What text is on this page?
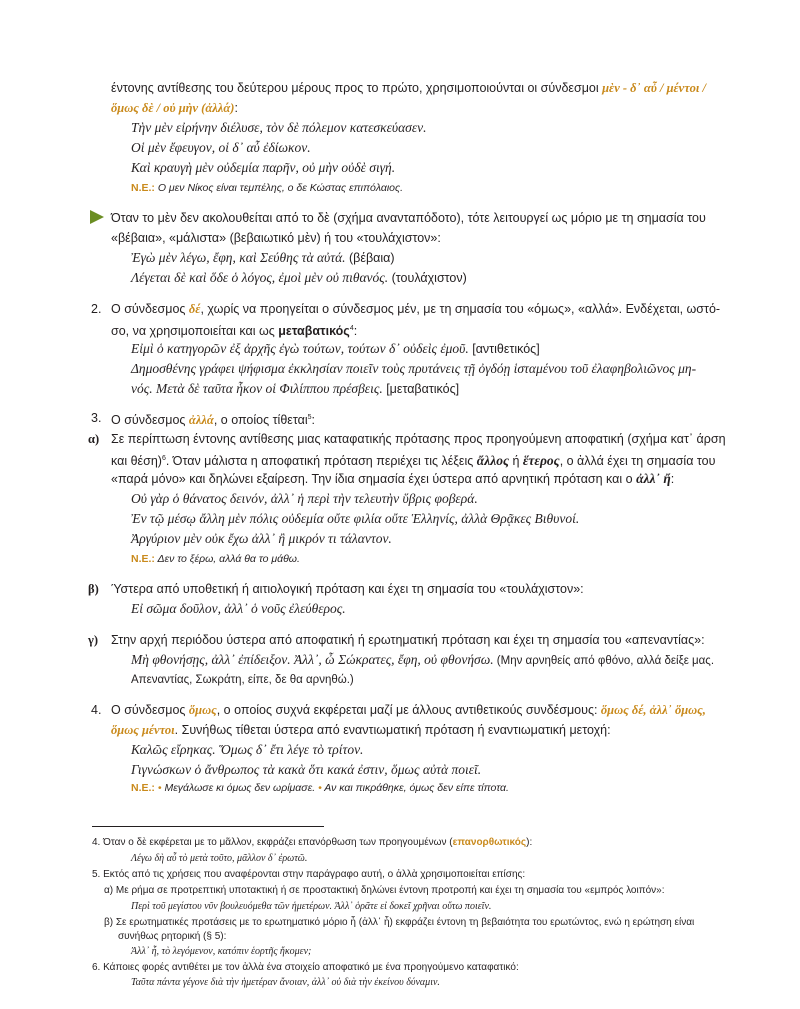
έντονης αντίθεσης του δεύτερου μέρους προς το πρώτο, χρησιμοποιούνται οι σύνδεσμοι μὲν - δ᾽ αὖ / μέντοι /
ὅμως δὲ / οὐ μὴν (ἀλλά):
Τὴν μὲν εἰρήνην διέλυσε, τὸν δὲ πόλεμον κατεσκεύασεν.
Οἱ μὲν ἔφευγον, οἱ δ᾽ αὖ ἐδίωκον.
Καὶ κραυγὴ μὲν οὐδεμία παρῆν, οὐ μὴν οὐδὲ σιγή.
Ν.Ε.: Ο μεν Νίκος είναι τεμπέλης, ο δε Κώστας επιπόλαιος.
Όταν το μὲν δεν ακολουθείται από το δὲ (σχήμα ανανταπόδοτο), τότε λειτουργεί ως μόριο με τη σημασία του
«βέβαια», «μάλιστα» (βεβαιωτικό μὲν) ή του «τουλάχιστον»:
Ἐγὼ μὲν λέγω, ἔφη, καὶ Σεύθης τὰ αὐτά. (βέβαια)
Λέγεται δὲ καὶ ὅδε ὁ λόγος, ἐμοὶ μὲν οὐ πιθανός. (τουλάχιστον)
2. Ο σύνδεσμος δέ, χωρίς να προηγείται ο σύνδεσμος μέν, με τη σημασία του «όμως», «αλλά». Ενδέχεται, ωστό-
σο, να χρησιμοποιείται και ως μεταβατικός$^4$:
Εἰμὶ ὁ κατηγορῶν ἐξ ἀρχῆς ἐγὼ τούτων, τούτων δ᾽ οὐδεὶς ἐμοῦ. [αντιθετικός]
Δημοσθένης γράφει ψήφισμα ἐκκλησίαν ποιεῖν τοὺς πρυτάνεις τῇ ὀγδόῃ ἱσταμένου τοῦ ἐλαφηβολιῶνος μη-
νός. Μετὰ δὲ ταῦτα ἧκον οἱ Φιλίππου πρέσβεις. [μεταβατικός]
3. Ο σύνδεσμος ἀλλά, ο οποίος τίθεται$^5$:
α) Σε περίπτωση έντονης αντίθεσης μιας καταφατικής πρότασης προς προηγούμενη αποφατική (σχήμα κατ᾽ άρση
και θέση)$^6$. Όταν μάλιστα η αποφατική πρόταση περιέχει τις λέξεις ἄλλος ή ἕτερος, ο ἀλλά έχει τη σημασία του
«παρά μόνο» και δηλώνει εξαίρεση. Την ίδια σημασία έχει ύστερα από αρνητική πρόταση και ο ἀλλ᾽ ἤ:
Οὐ γὰρ ὁ θάνατος δεινόν, ἀλλ᾽ ἡ περὶ τὴν τελευτὴν ὕβρις φοβερά.
Ἐν τῷ μέσῳ ἄλλη μὲν πόλις οὐδεμία οὔτε φιλία οὔτε Ἑλληνίς, ἀλλὰ Θρᾷκες Βιθυνοί.
Ἀργύριον μὲν οὐκ ἔχω ἀλλ᾽ ἢ μικρόν τι τάλαντον.
Ν.Ε.: Δεν το ξέρω, αλλά θα το μάθω.
β) Ύστερα από υποθετική ή αιτιολογική πρόταση και έχει τη σημασία του «τουλάχιστον»:
Εἰ σῶμα δοῦλον, ἀλλ᾽ ὁ νοῦς ἐλεύθερος.
γ) Στην αρχή περιόδου ύστερα από αποφατική ή ερωτηματική πρόταση και έχει τη σημασία του «απεναντίας»:
Μὴ φθονήσῃς, ἀλλ᾽ ἐπίδειξον. Ἀλλ᾽, ὦ Σώκρατες, ἔφη, οὐ φθονήσω. (Μην αρνηθείς από φθόνο, αλλά δείξε μας.
Απεναντίας, Σωκράτη, είπε, δε θα αρνηθώ.)
4. Ο σύνδεσμος ὅμως, ο οποίος συχνά εκφέρεται μαζί με άλλους αντιθετικούς συνδέσμους: ὅμως δέ, ἀλλ᾽ ὅμως,
ὅμως μέντοι. Συνήθως τίθεται ύστερα από εναντιωματική πρόταση ή εναντιωματική μετοχή:
Καλῶς εἴρηκας. Ὅμως δ᾽ ἔτι λέγε τὸ τρίτον.
Γιγνώσκων ὁ ἄνθρωπος τὰ κακὰ ὅτι κακά ἐστιν, ὅμως αὐτὰ ποιεῖ.
Ν.Ε.: • Μεγάλωσε κι όμως δεν ωρίμασε. • Αν και πικράθηκε, όμως δεν είπε τίποτα.
4. Όταν ο δὲ εκφέρεται με το μᾶλλον, εκφράζει επανόρθωση των προηγουμένων (επανορθωτικός):
Λέγω δὴ αὖ τὸ μετὰ τοῦτο, μᾶλλον δ᾽ ἐρωτῶ.
5. Εκτός από τις χρήσεις που αναφέρονται στην παράγραφο αυτή, ο ἀλλὰ χρησιμοποιείται επίσης:
α) Με ρήμα σε προτρεπτική υποτακτική ή σε προστακτική δηλώνει έντονη προτροπή και έχει τη σημασία του «εμπρός λοιπόν»:
Περὶ τοῦ μεγίστου νῦν βουλευόμεθα τῶν ἡμετέρων. Ἀλλ᾽ ὁρᾶτε εἰ δοκεῖ χρῆναι οὕτω ποιεῖν.
β) Σε ερωτηματικές προτάσεις με το ερωτηματικό μόριο ἦ (ἀλλ᾽ ἦ) εκφράζει έντονη τη βεβαιότητα του ερωτώντος, ενώ η ερώτηση είναι
συνήθως ρητορική (§ 5):
Ἀλλ᾽ ἦ, τὸ λεγόμενον, κατόπιν ἑορτῆς ἥκομεν;
6. Κάποιες φορές αντιθέτει με τον ἀλλὰ ένα στοιχείο αποφατικό με ένα προηγούμενο καταφατικό:
Ταῦτα πάντα γέγονε διὰ τὴν ἡμετέραν ἄνοιαν, ἀλλ᾽ οὐ διὰ τὴν ἐκείνου δύναμιν.
